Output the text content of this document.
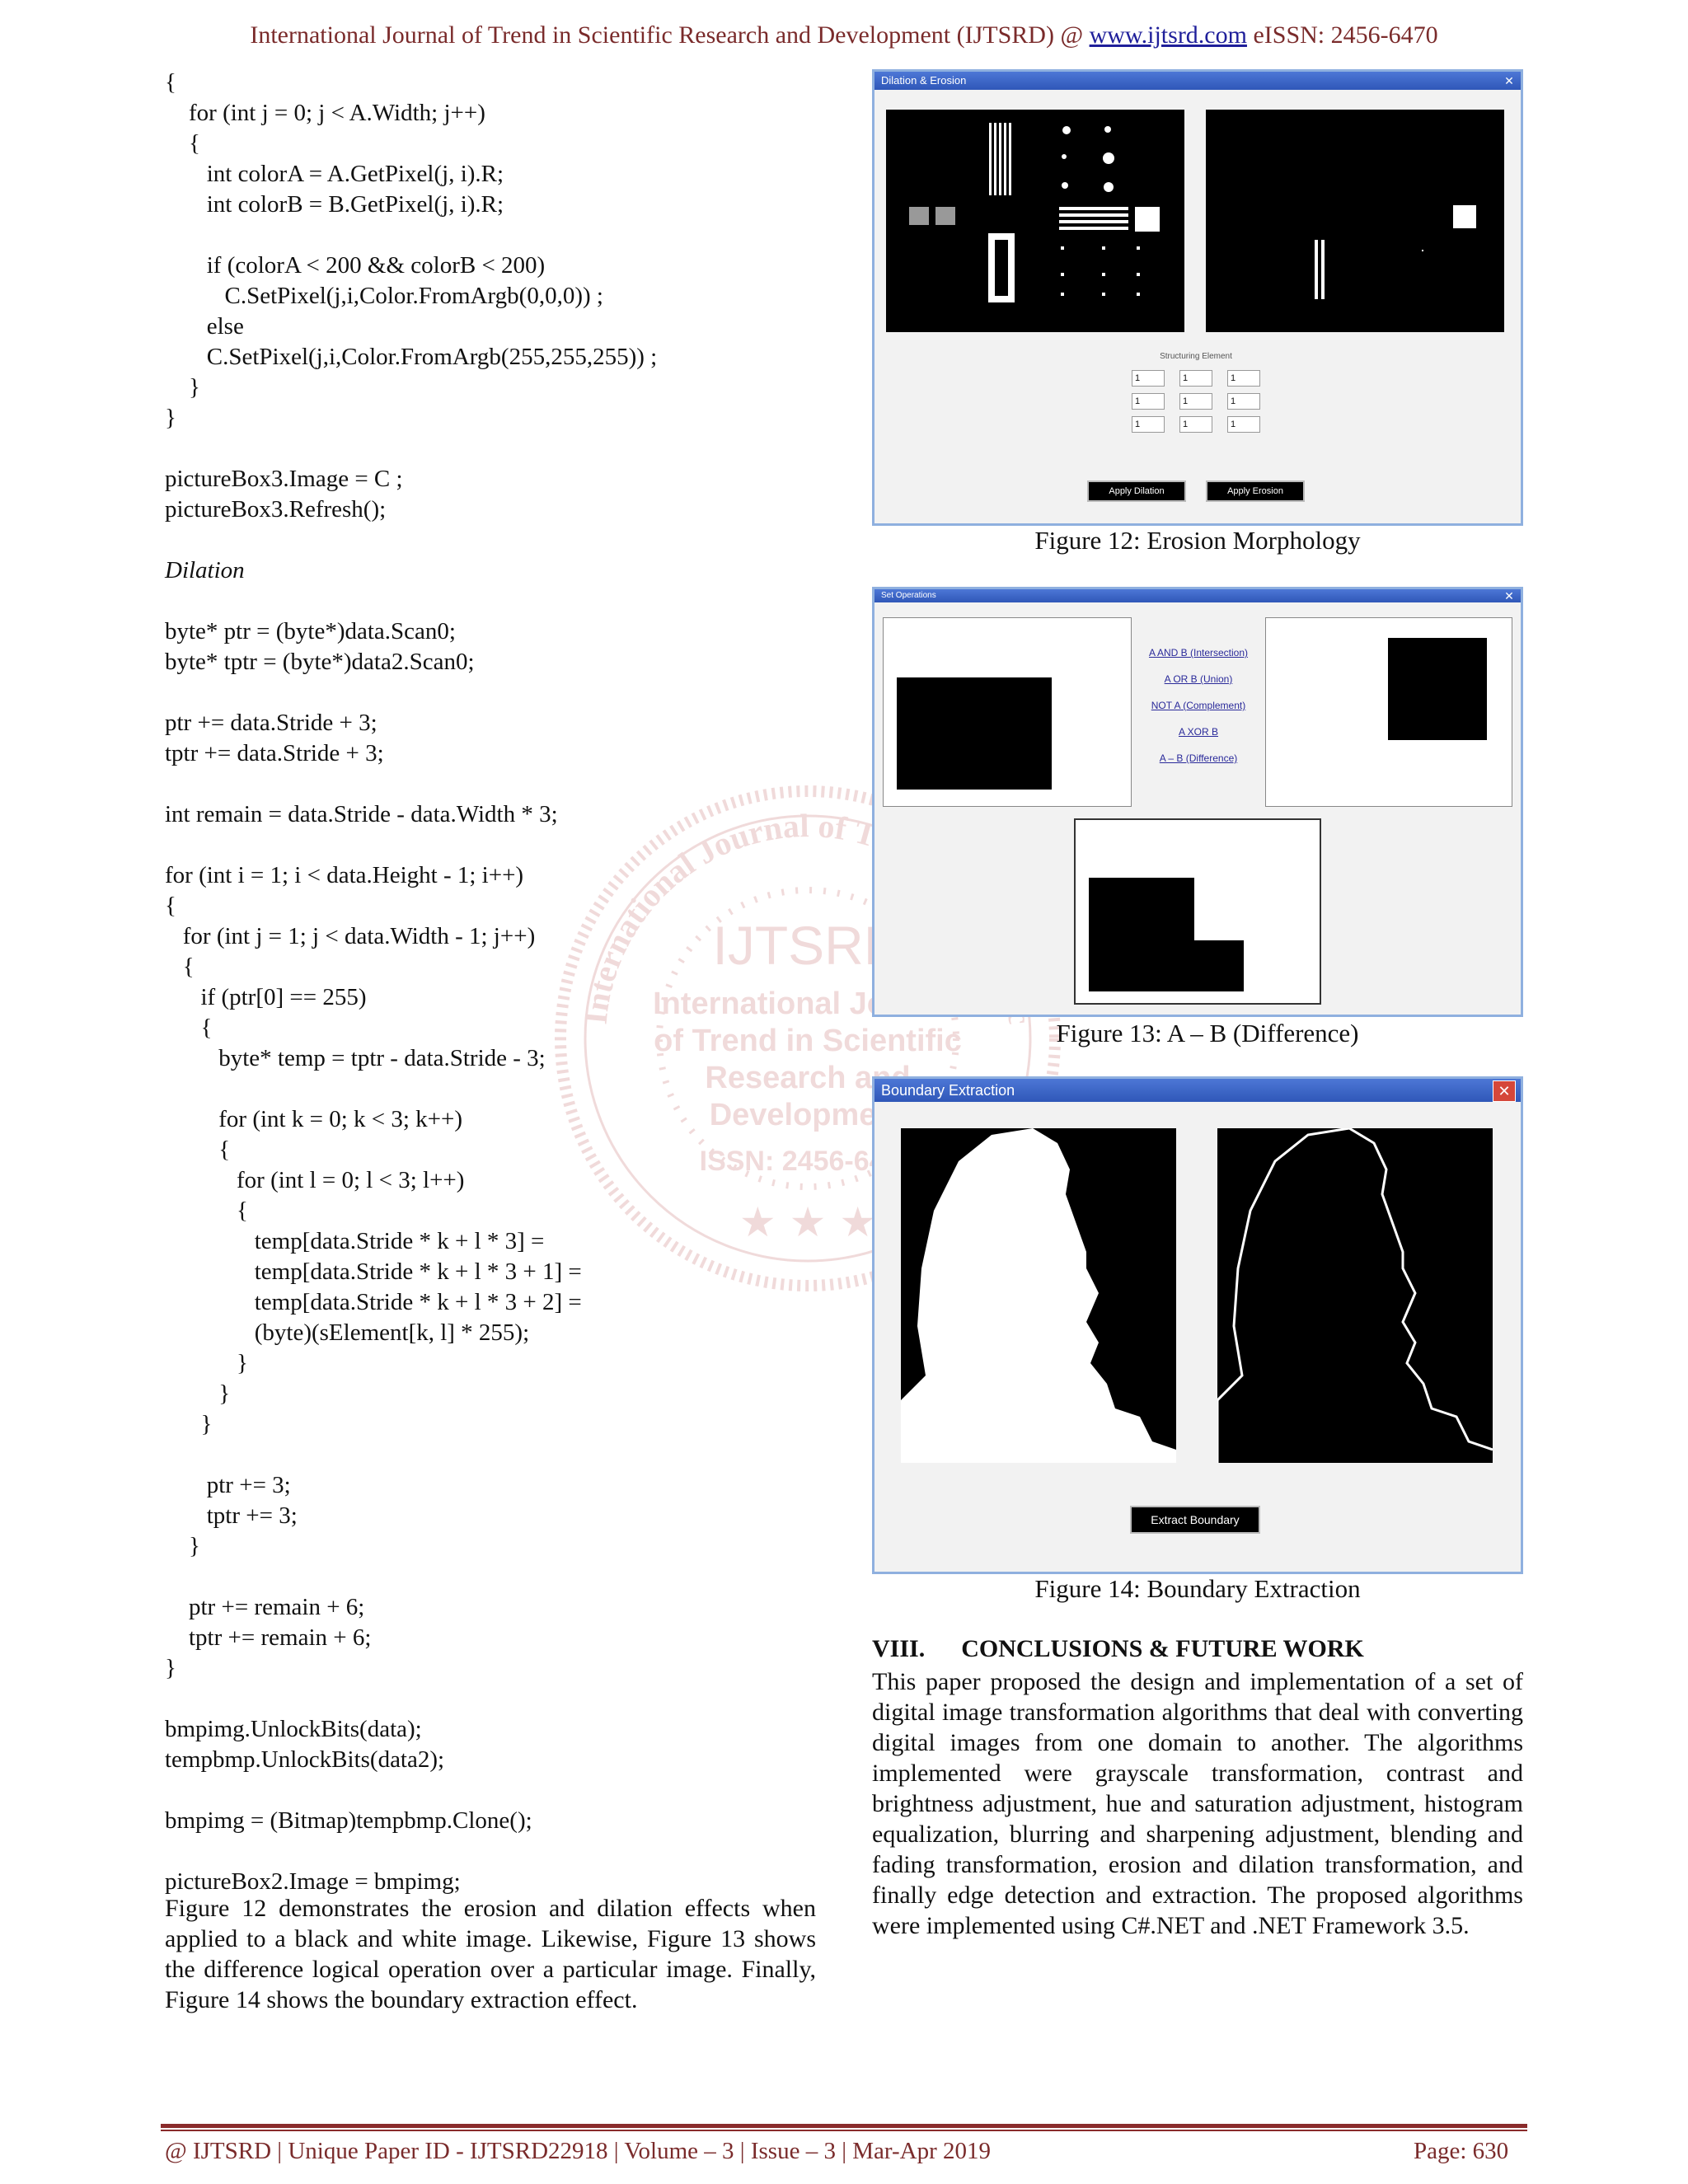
International Journal of Trend in Scientific Research and Development (IJTSRD) @ www.ijtsrd.com eISSN: 2456-6470
IJTSRD
International Journal
of Trend in Scientific
Research and
Development
ISSN: 2456-6470
International Journal of T
★ ★ ★
{
for (int j = 0; j < A.Width; j++)
{
int colorA = A.GetPixel(j, i).R;
int colorB = B.GetPixel(j, i).R;
if (colorA < 200 && colorB < 200)
C.SetPixel(j,i,Color.FromArgb(0,0,0)) ;
else
C.SetPixel(j,i,Color.FromArgb(255,255,255)) ;
}
}
pictureBox3.Image = C ;
pictureBox3.Refresh();
Dilation
byte* ptr = (byte*)data.Scan0;
byte* tptr = (byte*)data2.Scan0;
ptr += data.Stride + 3;
tptr += data.Stride + 3;
int remain = data.Stride - data.Width * 3;
for (int i = 1; i < data.Height - 1; i++)
{
for (int j = 1; j < data.Width - 1; j++)
{
if (ptr[0] == 255)
{
byte* temp = tptr - data.Stride - 3;
for (int k = 0; k < 3; k++)
{
for (int l = 0; l < 3; l++)
{
temp[data.Stride * k + l * 3] =
temp[data.Stride * k + l * 3 + 1] =
temp[data.Stride * k + l * 3 + 2] =
(byte)(sElement[k, l] * 255);
}
}
}
ptr += 3;
tptr += 3;
}
ptr += remain + 6;
tptr += remain + 6;
}
bmpimg.UnlockBits(data);
tempbmp.UnlockBits(data2);
bmpimg = (Bitmap)tempbmp.Clone();
pictureBox2.Image = bmpimg;
Figure 12 demonstrates the erosion and dilation effects when applied to a black and white image. Likewise, Figure 13 shows the difference logical operation over a particular image. Finally, Figure 14 shows the boundary extraction effect.
Dilation & Erosion	✕
Structuring Element
1	1	1
1	1	1
1	1	1
Apply Dilation	Apply Erosion
Figure 12: Erosion Morphology
Set Operations	✕
A AND B (Intersection)
A OR B (Union)
NOT A (Complement)
A XOR B
A – B (Difference)
Figure 13: A – B (Difference)
Boundary Extraction	✕
Extract Boundary
Figure 14: Boundary Extraction
VIII. CONCLUSIONS & FUTURE WORK
This paper proposed the design and implementation of a set of digital image transformation algorithms that deal with converting digital images from one domain to another. The algorithms implemented were grayscale transformation, contrast and brightness adjustment, hue and saturation adjustment, histogram equalization, blurring and sharpening adjustment, blending and fading transformation, erosion and dilation transformation, and finally edge detection and extraction. The proposed algorithms were implemented using C#.NET and .NET Framework 3.5.
@ IJTSRD | Unique Paper ID - IJTSRD22918 | Volume – 3 | Issue – 3 | Mar-Apr 2019	Page: 630
